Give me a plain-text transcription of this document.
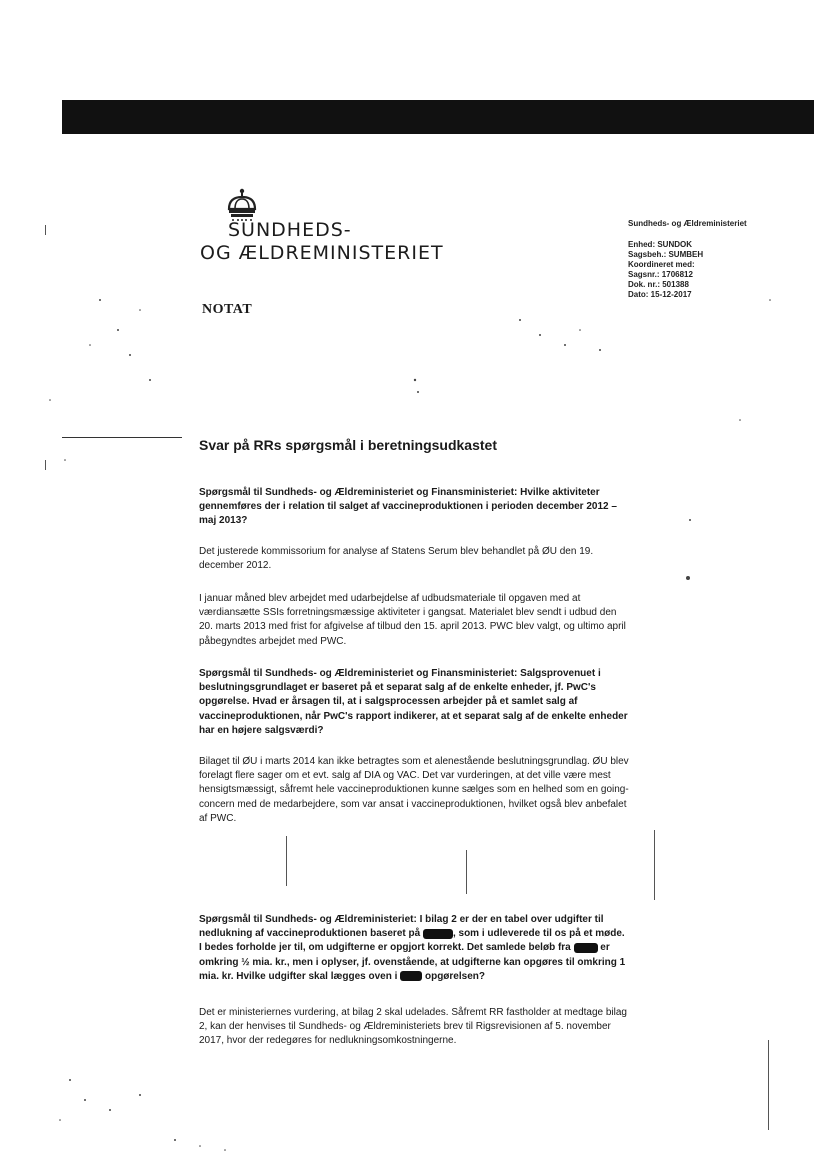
SUNDHEDS-
OG ÆLDREMINISTERIET
Sundheds- og Ældreministeriet
Enhed: SUNDOK
Sagsbeh.: SUMBEH
Koordineret med:
Sagsnr.: 1706812
Dok. nr.: 501388
Dato: 15-12-2017
NOTAT
Svar på RRs spørgsmål i beretningsudkastet
Spørgsmål til Sundheds- og Ældreministeriet og Finansministeriet: Hvilke aktiviteter gennemføres der i relation til salget af vaccineproduktionen i perioden december 2012 – maj 2013?
Det justerede kommissorium for analyse af Statens Serum blev behandlet på ØU den 19. december 2012.
I januar måned blev arbejdet med udarbejdelse af udbudsmateriale til opgaven med at værdiansætte SSIs forretningsmæssige aktiviteter i gangsat. Materialet blev sendt i udbud den 20. marts 2013 med frist for afgivelse af tilbud den 15. april 2013. PWC blev valgt, og ultimo april påbegyndtes arbejdet med PWC.
Spørgsmål til Sundheds- og Ældreministeriet og Finansministeriet: Salgsprovenuet i beslutningsgrundlaget er baseret på et separat salg af de enkelte enheder, jf. PwC's opgørelse. Hvad er årsagen til, at i salgsprocessen arbejder på et samlet salg af vaccineproduktionen, når PwC's rapport indikerer, at et separat salg af de enkelte enheder har en højere salgsværdi?
Bilaget til ØU i marts 2014 kan ikke betragtes som et alenestående beslutningsgrundlag. ØU blev forelagt flere sager om et evt. salg af DIA og VAC. Det var vurderingen, at det ville være mest hensigtsmæssigt, såfremt hele vaccineproduktionen kunne sælges som en helhed som en going-concern med de medarbejdere, som var ansat i vaccineproduktionen, hvilket også blev anbefalet af PWC.
Spørgsmål til Sundheds- og Ældreministeriet: I bilag 2 er der en tabel over udgifter til nedlukning af vaccineproduktionen baseret på	, som i udleverede til os på et møde. I bedes forholde jer til, om udgifterne er opgjort korrekt. Det samlede beløb fra	er omkring ½ mia. kr., men i oplyser, jf. ovenstående, at udgifterne kan opgøres til omkring 1 mia. kr. Hvilke udgifter skal lægges oven i	opgørelsen?
Det er ministeriernes vurdering, at bilag 2 skal udelades. Såfremt RR fastholder at medtage bilag 2, kan der henvises til Sundheds- og Ældreministeriets brev til Rigsrevisionen af 5. november 2017, hvor der redegøres for nedlukningsomkostningerne.
